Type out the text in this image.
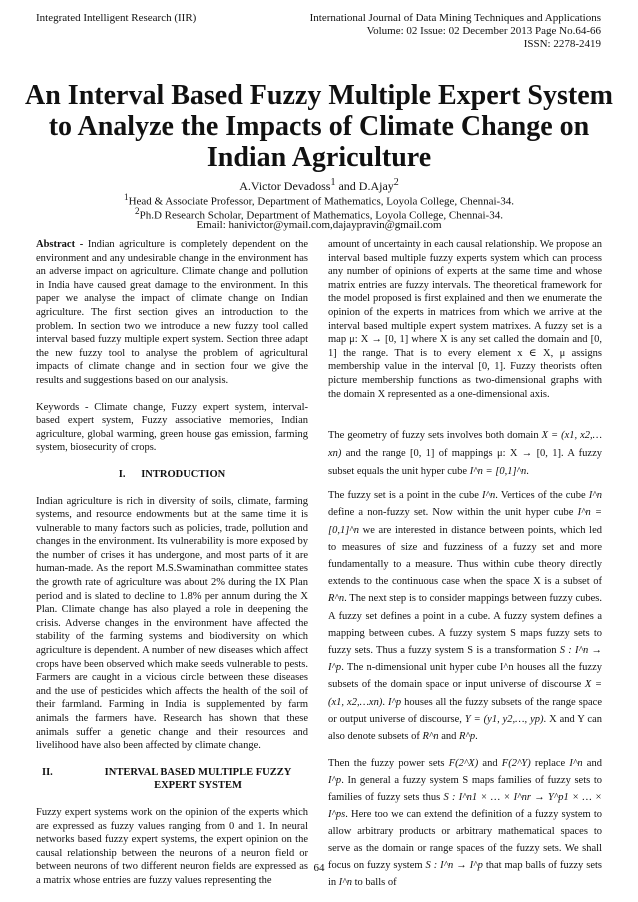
Integrated Intelligent Research (IIR)	International Journal of Data Mining Techniques and Applications
Volume: 02 Issue: 02 December 2013 Page No.64-66
ISSN: 2278-2419
An Interval Based Fuzzy Multiple Expert System to Analyze the Impacts of Climate Change on Indian Agriculture
A.Victor Devadoss$^1$ and D.Ajay$^2$
$^1$Head & Associate Professor, Department of Mathematics, Loyola College, Chennai-34.
$^2$Ph.D Research Scholar, Department of Mathematics, Loyola College, Chennai-34.
Email: hanivictor@ymail.com,dajaypravin@gmail.com

Abstract - Indian agriculture is completely dependent on the environment and any undesirable change in the environment has an adverse impact on agriculture. Climate change and pollution in India have caused great damage to the environment. In this paper we analyse the impact of climate change on Indian agriculture. The first section gives an introduction to the problem. In section two we introduce a new fuzzy tool called interval based fuzzy multiple expert system. Section three adapt the new fuzzy tool to analyse the problem of agricultural impacts of climate change and in section four we give the results and suggestions based on our analysis.

Keywords - Climate change, Fuzzy expert system, interval-based expert system, Fuzzy associative memories, Indian agriculture, global warming, green house gas emission, farming system, biosecurity of crops.

I. INTRODUCTION

Indian agriculture is rich in diversity of soils, climate, farming systems, and resource endowments but at the same time it is vulnerable to many factors such as policies, trade, pollution and changes in the environment. Its vulnerability is more exposed by the number of crises it has undergone, and most parts of it are human-made. As the report M.S.Swaminathan committee states the growth rate of agriculture was about 2% during the IX Plan period and is slated to decline to 1.8% per annum during the X Plan. Climate change has also played a role in deepening the crisis. Adverse changes in the environment have affected the stability of the farming systems and biodiversity on which agriculture is dependent. A number of new diseases which affect crops have been observed which make seeds vulnerable to pests. Farmers are caught in a vicious circle between these diseases and the use of pesticides which affects the health of the soil of their farmland. Farming in India is supplemented by farm animals the farmers have. Research has shown that these animals suffer a genetic change and their resources and livelihood have also been affected by climate change.

II.	INTERVAL BASED MULTIPLE FUZZY EXPERT SYSTEM

Fuzzy expert systems work on the opinion of the experts which are expressed as fuzzy values ranging from 0 and 1. In neural networks based fuzzy expert systems, the expert opinion on the causal relationship between the neurons of a neuron field or between neurons of two different neuron fields are expressed as a matrix whose entries are fuzzy values representing the

amount of uncertainty in each causal relationship. We propose an interval based multiple fuzzy experts system which can process any number of opinions of experts at the same time and whose matrix entries are fuzzy intervals. The theoretical framework for the model proposed is first explained and then we enumerate the opinion of the experts in matrices from which we arrive at the interval based multiple expert system matrixes. A fuzzy set is a map μ: X → [0, 1] where X is any set called the domain and [0, 1] the range. That is to every element x ∈ X, μ assigns membership value in the interval [0, 1]. Fuzzy theorists often picture membership functions as two-dimensional graphs with the domain X represented as a one-dimensional axis.

The geometry of fuzzy sets involves both domain X = (x1, x2,…xn) and the range [0, 1] of mappings μ: X → [0, 1]. A fuzzy subset equals the unit hyper cube I^n = [0,1]^n.

The fuzzy set is a point in the cube I^n. Vertices of the cube I^n define a non-fuzzy set. Now within the unit hyper cube I^n = [0,1]^n we are interested in distance between points, which led to measures of size and fuzziness of a fuzzy set and more fundamentally to a measure. Thus within cube theory directly extends to the continuous case when the space X is a subset of R^n. The next step is to consider mappings between fuzzy cubes. A fuzzy set defines a point in a cube. A fuzzy system defines a mapping between cubes. A fuzzy system S maps fuzzy sets to fuzzy sets. Thus a fuzzy system S is a transformation S : I^n → I^p. The n-dimensional unit hyper cube I^n houses all the fuzzy subsets of the domain space or input universe of discourse X = (x1, x2,…xn). I^p houses all the fuzzy subsets of the range space or output universe of discourse, Y = (y1, y2,…, yp). X and Y can also denote subsets of R^n and R^p.

Then the fuzzy power sets F(2^X) and F(2^Y) replace I^n and I^p. In general a fuzzy system S maps families of fuzzy sets to families of fuzzy sets thus S : I^n1 × … × I^nr → Y^p1 × … × I^ps. Here too we can extend the definition of a fuzzy system to allow arbitrary products or arbitrary mathematical spaces to serve as the domain or range spaces of the fuzzy sets. We shall focus on fuzzy system S : I^n → I^p that map balls of fuzzy sets in I^n to balls of

64
